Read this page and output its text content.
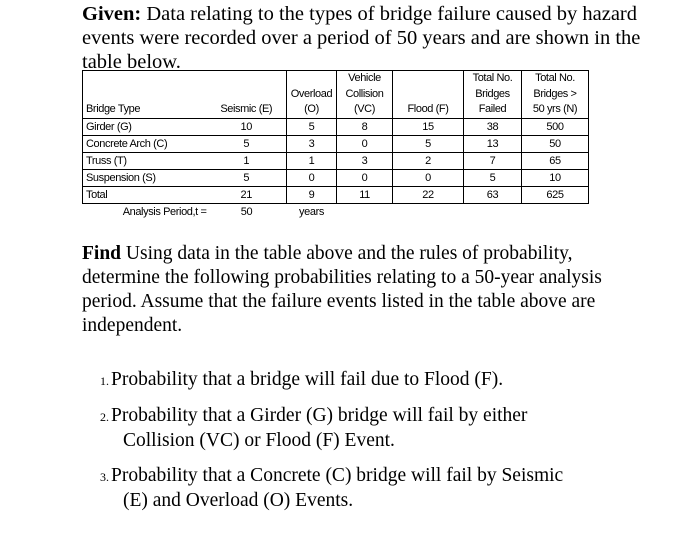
Given: Data relating to the types of bridge failure caused by hazard events were recorded over a period of 50 years and are shown in the table below.
			Vehicle		Total No.	Total No.
		Overload	Collision		Bridges	Bridges >
Bridge Type	Seismic (E)	(O)	(VC)	Flood (F)	Failed	50 yrs (N)
Girder (G)	10	5	8	15	38	500
Concrete Arch (C)	5	3	0	5	13	50
Truss (T)	1	1	3	2	7	65
Suspension (S)	5	0	0	0	5	10
Total	21	9	11	22	63	625
Analysis Period,t =	50	years				
Find Using data in the table above and the rules of probability, determine the following probabilities relating to a 50-year analysis period. Assume that the failure events listed in the table above are independent.
1. Probability that a bridge will fail due to Flood (F).
2. Probability that a Girder (G) bridge will fail by either
Collision (VC) or Flood (F) Event.
3. Probability that a Concrete (C) bridge will fail by Seismic
(E) and Overload (O) Events.
